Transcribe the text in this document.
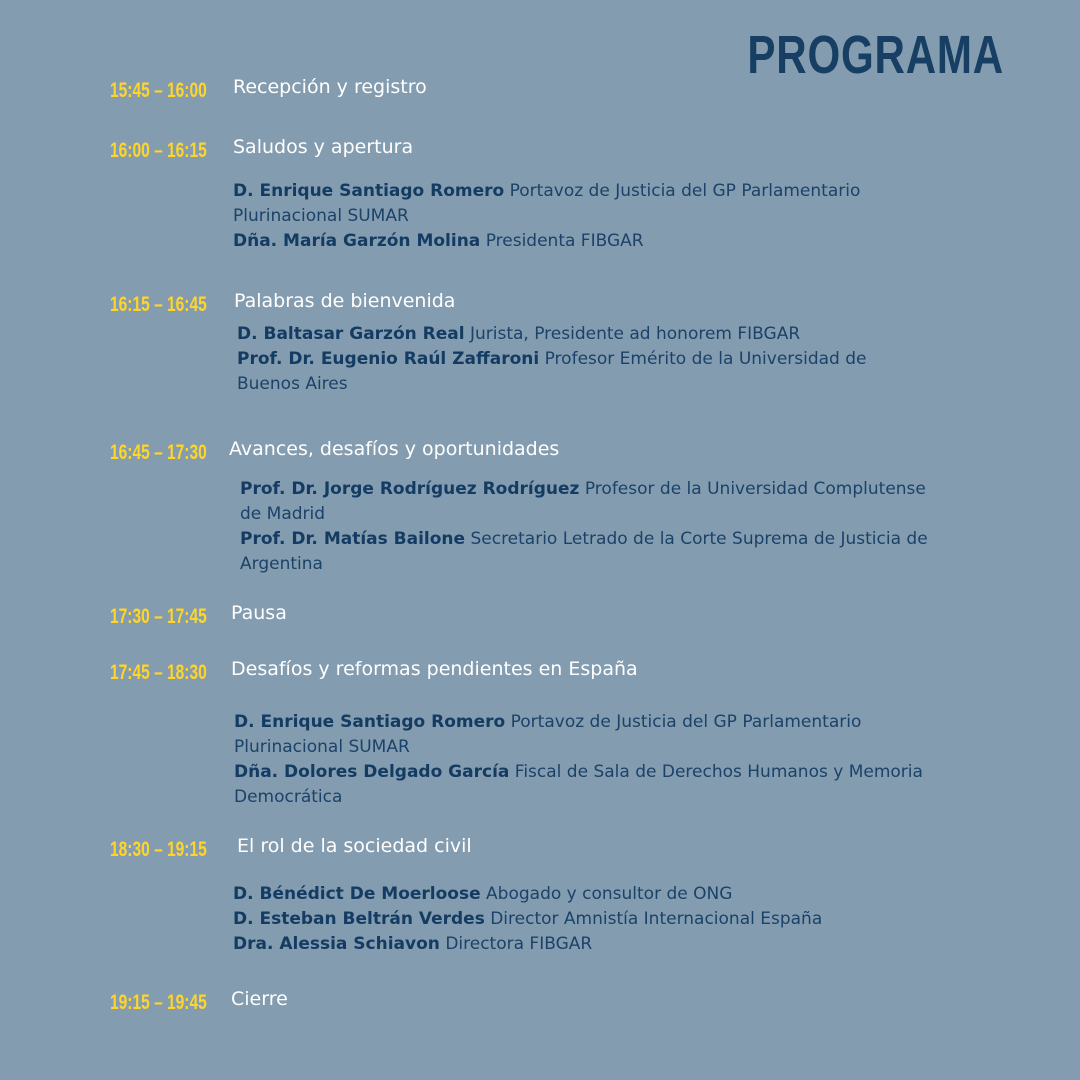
PROGRAMA
15:45 – 16:00 Recepción y registro
16:00 – 16:15 Saludos y apertura

D. Enrique Santiago Romero Portavoz de Justicia del GP Parlamentario Plurinacional SUMAR

Dña. María Garzón Molina Presidenta FIBGAR

16:15 – 16:45 Palabras de bienvenida

D. Baltasar Garzón Real Jurista, Presidente ad honorem FIBGAR

Prof. Dr. Eugenio Raúl Zaffaroni Profesor Emérito de la Universidad de Buenos Aires

16:45 – 17:30 Avances, desafíos y oportunidades

Prof. Dr. Jorge Rodríguez Rodríguez Profesor de la Universidad Complutense de Madrid

Prof. Dr. Matías Bailone Secretario Letrado de la Corte Suprema de Justicia de Argentina

17:30 – 17:45 Pausa
17:45 – 18:30 Desafíos y reformas pendientes en España

D. Enrique Santiago Romero Portavoz de Justicia del GP Parlamentario Plurinacional SUMAR

Dña. Dolores Delgado García Fiscal de Sala de Derechos Humanos y Memoria Democrática

18:30 – 19:15 El rol de la sociedad civil

D. Bénédict De Moerloose Abogado y consultor de ONG

D. Esteban Beltrán Verdes Director Amnistía Internacional España

Dra. Alessia Schiavon Directora FIBGAR

19:15 – 19:45 Cierre
